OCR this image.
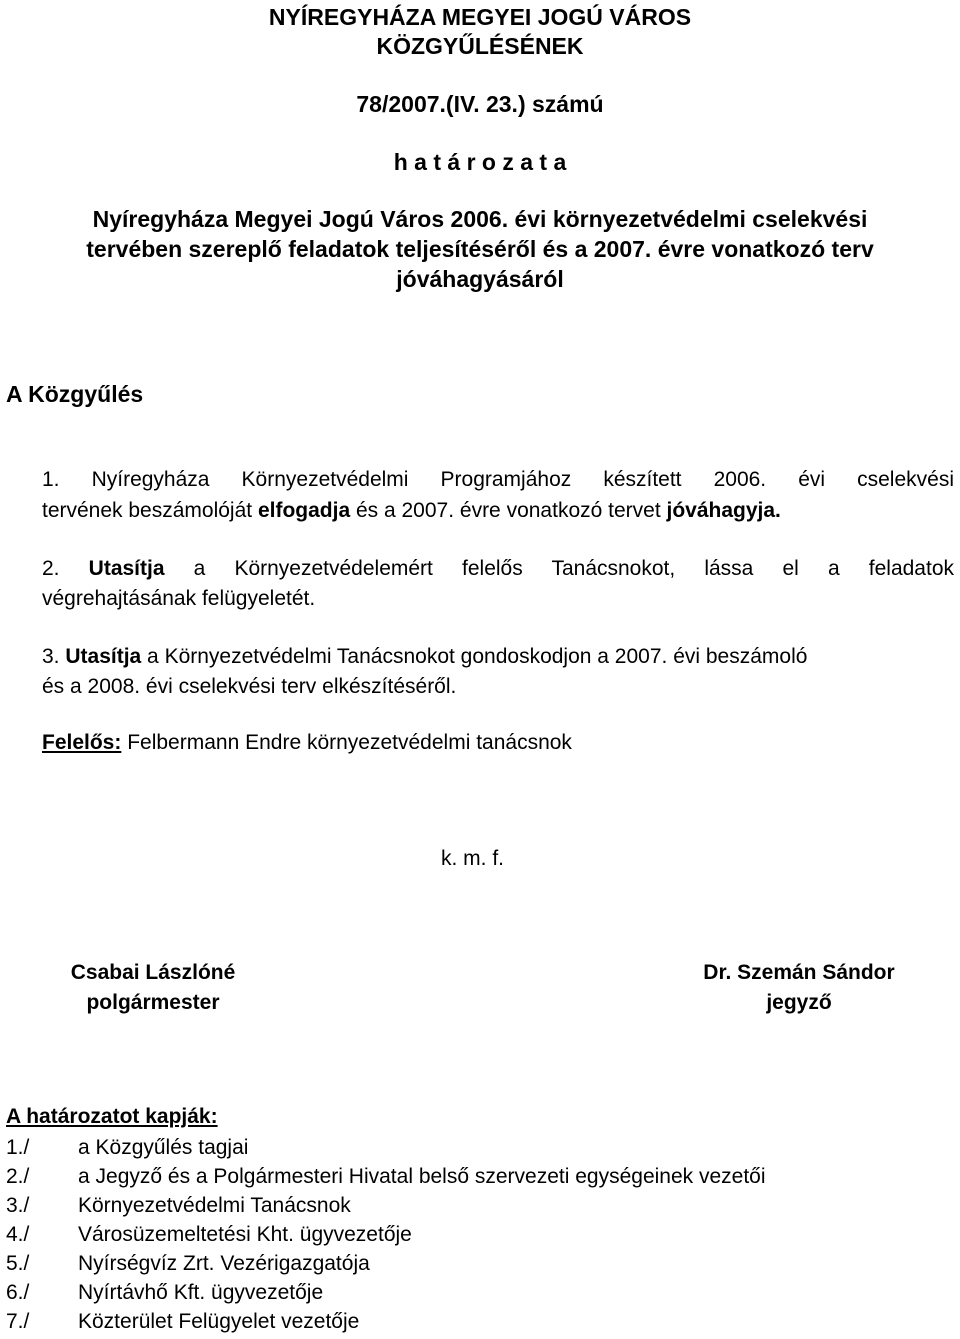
NYÍREGYHÁZA MEGYEI JOGÚ VÁROS
KÖZGYŰLÉSÉNEK
78/2007.(IV. 23.) számú
h a t á r o z a t a
Nyíregyháza Megyei Jogú Város 2006. évi környezetvédelmi cselekvési
tervében szereplő feladatok teljesítéséről és a 2007. évre vonatkozó terv
jóváhagyásáról
A Közgyűlés
1. Nyíregyháza Környezetvédelmi Programjához készített 2006. évi cselekvési
tervének beszámolóját elfogadja és a 2007. évre vonatkozó tervet jóváhagyja.
2. Utasítja a Környezetvédelemért felelős Tanácsnokot, lássa el a feladatok
végrehajtásának felügyeletét.
3. Utasítja a Környezetvédelmi Tanácsnokot gondoskodjon a 2007. évi beszámoló
és a 2008. évi cselekvési terv elkészítéséről.
Felelős: Felbermann Endre környezetvédelmi tanácsnok
k. m. f.
Csabai Lászlóné
polgármester
Dr. Szemán Sándor
jegyző
A határozatot kapják:
1./ a Közgyűlés tagjai
2./ a Jegyző és a Polgármesteri Hivatal belső szervezeti egységeinek vezetői
3./ Környezetvédelmi Tanácsnok
4./ Városüzemeltetési Kht. ügyvezetője
5./ Nyírségvíz Zrt. Vezérigazgatója
6./ Nyírtávhő Kft. ügyvezetője
7./ Közterület Felügyelet vezetője
